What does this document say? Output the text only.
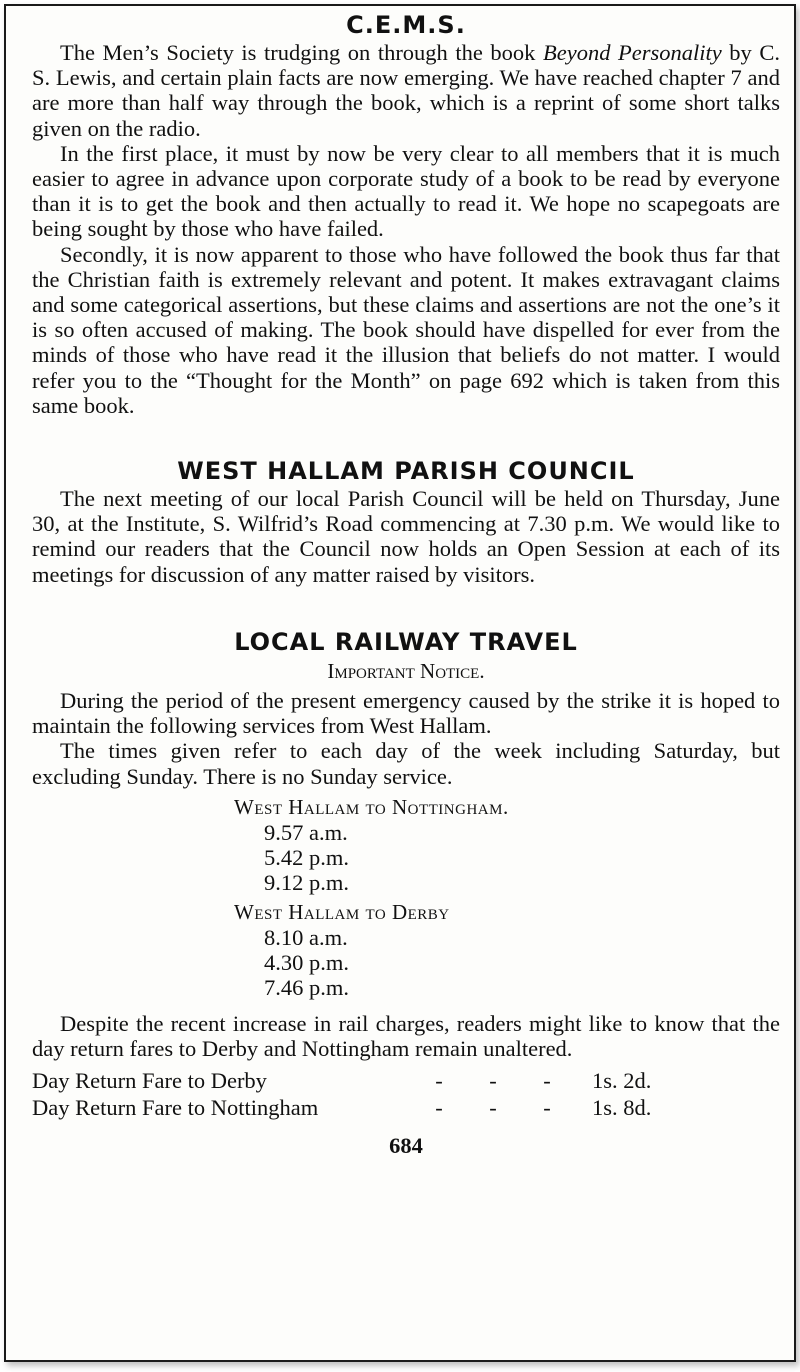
C.E.M.S.

The Men’s Society is trudging on through the book Beyond Personality by C. S. Lewis, and certain plain facts are now emerging. We have reached chapter 7 and are more than half way through the book, which is a reprint of some short talks given on the radio.

In the first place, it must by now be very clear to all members that it is much easier to agree in advance upon corporate study of a book to be read by everyone than it is to get the book and then actually to read it. We hope no scapegoats are being sought by those who have failed.

Secondly, it is now apparent to those who have followed the book thus far that the Christian faith is extremely relevant and potent. It makes extravagant claims and some categorical assertions, but these claims and assertions are not the one’s it is so often accused of making. The book should have dispelled for ever from the minds of those who have read it the illusion that beliefs do not matter. I would refer you to the “Thought for the Month” on page 692 which is taken from this same book.

WEST HALLAM PARISH COUNCIL

The next meeting of our local Parish Council will be held on Thursday, June 30, at the Institute, S. Wilfrid’s Road commencing at 7.30 p.m. We would like to remind our readers that the Council now holds an Open Session at each of its meetings for discussion of any matter raised by visitors.

LOCAL RAILWAY TRAVEL
Important Notice.

During the period of the present emergency caused by the strike it is hoped to maintain the following services from West Hallam.

The times given refer to each day of the week including Saturday, but excluding Sunday. There is no Sunday service.

West Hallam to Nottingham.
9.57 a.m.
5.42 p.m.
9.12 p.m.
West Hallam to Derby
8.10 a.m.
4.30 p.m.
7.46 p.m.

Despite the recent increase in rail charges, readers might like to know that the day return fares to Derby and Nottingham remain unaltered.

Day Return Fare to Derby	-	-	-	1s. 2d.
Day Return Fare to Nottingham	-	-	-	1s. 8d.
684
